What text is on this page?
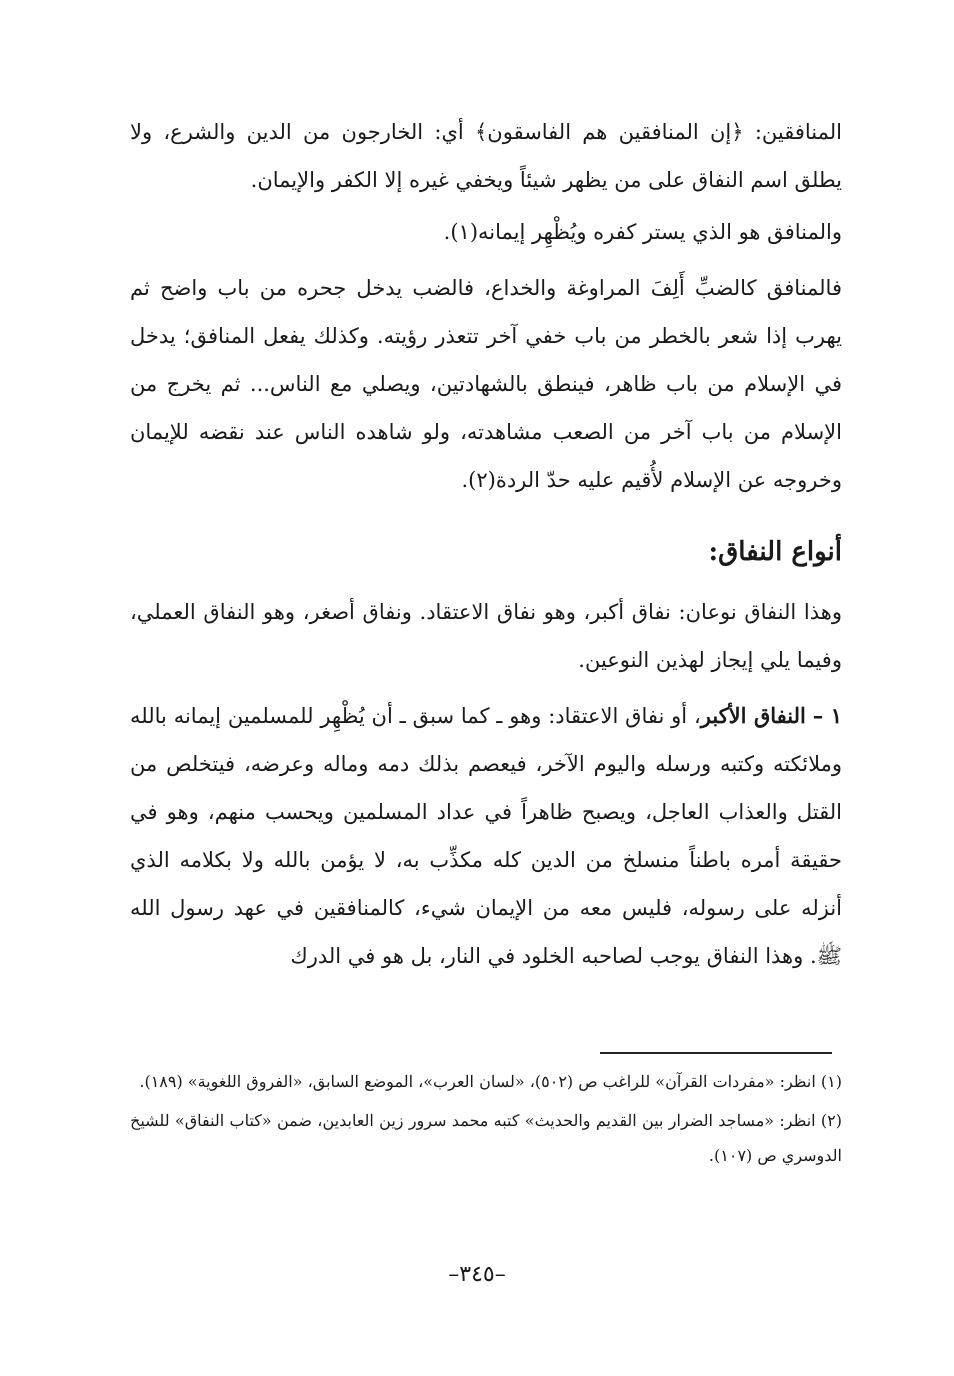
المنافقين: ﴿إن المنافقين هم الفاسقون﴾ أي: الخارجون من الدين والشرع، ولا يطلق اسم النفاق على من يظهر شيئاً ويخفي غيره إلا الكفر والإيمان.

والمنافق هو الذي يستر كفره ويُظْهِر إيمانه(١).

فالمنافق كالضبِّ أَلِفَ المراوغة والخداع، فالضب يدخل جحره من باب واضح ثم يهرب إذا شعر بالخطر من باب خفي آخر تتعذر رؤيته. وكذلك يفعل المنافق؛ يدخل في الإسلام من باب ظاهر، فينطق بالشهادتين، ويصلي مع الناس... ثم يخرج من الإسلام من باب آخر من الصعب مشاهدته، ولو شاهده الناس عند نقضه للإيمان وخروجه عن الإسلام لأُقيم عليه حدّ الردة(٢).

أنواع النفاق:

وهذا النفاق نوعان: نفاق أكبر، وهو نفاق الاعتقاد. ونفاق أصغر، وهو النفاق العملي، وفيما يلي إيجاز لهذين النوعين.

١ – النفاق الأكبر، أو نفاق الاعتقاد: وهو ـ كما سبق ـ أن يُظْهِر للمسلمين إيمانه بالله وملائكته وكتبه ورسله واليوم الآخر، فيعصم بذلك دمه وماله وعرضه، فيتخلص من القتل والعذاب العاجل، ويصبح ظاهراً في عداد المسلمين ويحسب منهم، وهو في حقيقة أمره باطناً منسلخ من الدين كله مكذِّب به، لا يؤمن بالله ولا بكلامه الذي أنزله على رسوله، فليس معه من الإيمان شيء، كالمنافقين في عهد رسول الله ﷺ. وهذا النفاق يوجب لصاحبه الخلود في النار، بل هو في الدرك

(١) انظر: «مفردات القرآن» للراغب ص (٥٠٢)، «لسان العرب»، الموضع السابق، «الفروق اللغوية» (١٨٩).

(٢) انظر: «مساجد الضرار بين القديم والحديث» كتبه محمد سرور زين العابدين، ضمن «كتاب النفاق» للشيخ الدوسري ص (١٠٧).

–٣٤٥–
